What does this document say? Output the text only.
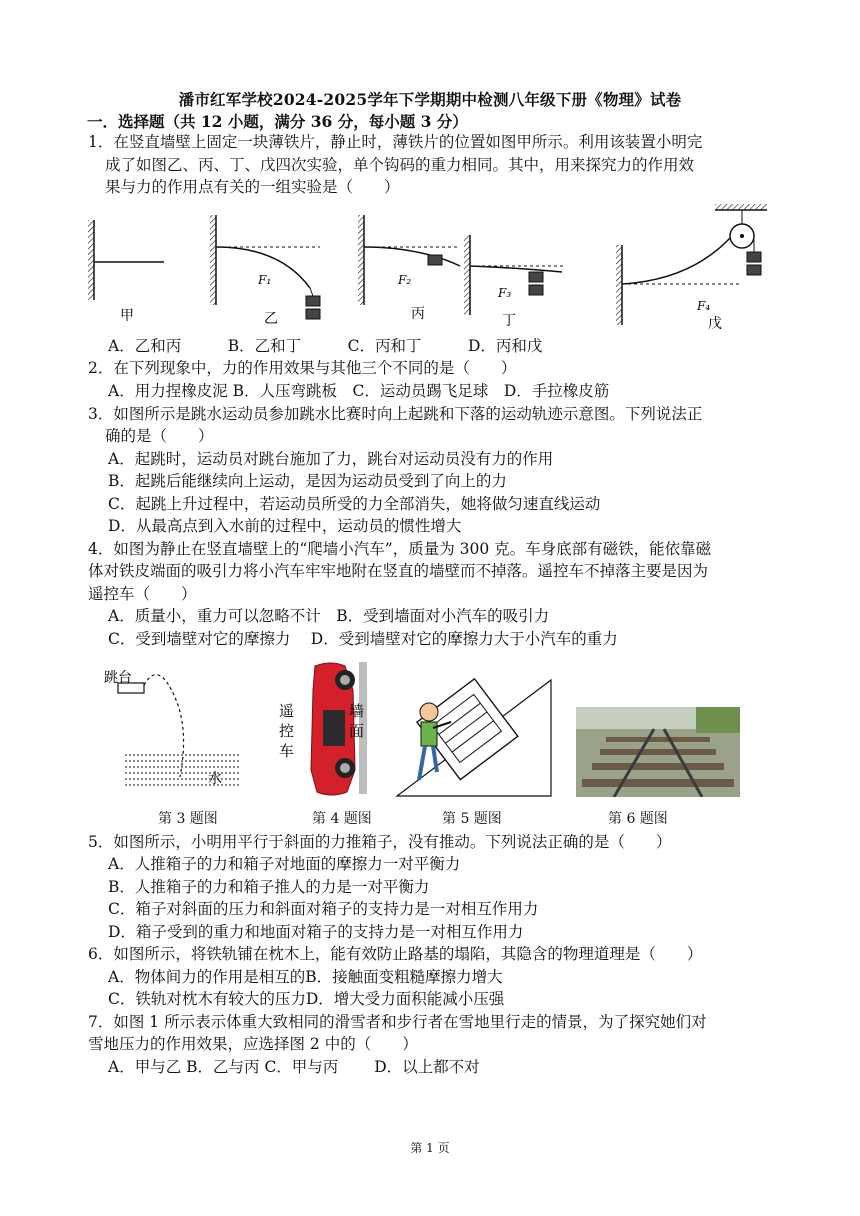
潘市红军学校2024-2025学年下学期期中检测八年级下册《物理》试卷
一．选择题（共 12 小题，满分 36 分，每小题 3 分）
1．在竖直墙壁上固定一块薄铁片，静止时，薄铁片的位置如图甲所示。利用该装置小明完
成了如图乙、丙、丁、戊四次实验，单个钩码的重力相同。其中，用来探究力的作用效
果与力的作用点有关的一组实验是（　　）
F₁	F₂
F₃
F₄
甲	乙	丙	丁	戊
A．乙和丙　　　B．乙和丁　　　C．丙和丁　　　D．丙和戊
2．在下列现象中，力的作用效果与其他三个不同的是（　　）
A．用力捏橡皮泥 B．人压弯跳板　C．运动员踢飞足球　D．手拉橡皮筋
3．如图所示是跳水运动员参加跳水比赛时向上起跳和下落的运动轨迹示意图。下列说法正
确的是（　　）
A．起跳时，运动员对跳台施加了力，跳台对运动员没有力的作用
B．起跳后能继续向上运动，是因为运动员受到了向上的力
C．起跳上升过程中，若运动员所受的力全部消失，她将做匀速直线运动
D．从最高点到入水前的过程中，运动员的惯性增大
4．如图为静止在竖直墙壁上的“爬墙小汽车”，质量为 300 克。车身底部有磁铁，能依靠磁
体对铁皮端面的吸引力将小汽车牢牢地附在竖直的墙壁而不掉落。遥控车不掉落主要是因为
遥控车（　　）
A．质量小，重力可以忽略不计　B．受到墙面对小汽车的吸引力
C．受到墙壁对它的摩擦力　 D．受到墙壁对它的摩擦力大于小汽车的重力
跳台
水
遥
控
车
墙
面
第 3 题图	第 4 题图	第 5 题图	第 6 题图
5．如图所示，小明用平行于斜面的力推箱子，没有推动。下列说法正确的是（　　）
A．人推箱子的力和箱子对地面的摩擦力一对平衡力
B．人推箱子的力和箱子推人的力是一对平衡力
C．箱子对斜面的压力和斜面对箱子的支持力是一对相互作用力
D．箱子受到的重力和地面对箱子的支持力是一对相互作用力
6．如图所示，将铁轨铺在枕木上，能有效防止路基的塌陷，其隐含的物理道理是（　　）
A．物体间力的作用是相互的B．接触面变粗糙摩擦力增大
C．铁轨对枕木有较大的压力D．增大受力面积能减小压强
7．如图 1 所示表示体重大致相同的滑雪者和步行者在雪地里行走的情景，为了探究她们对
雪地压力的作用效果，应选择图 2 中的（　　）
A．甲与乙 B．乙与丙 C．甲与丙　　 D．以上都不对
第 1 页
